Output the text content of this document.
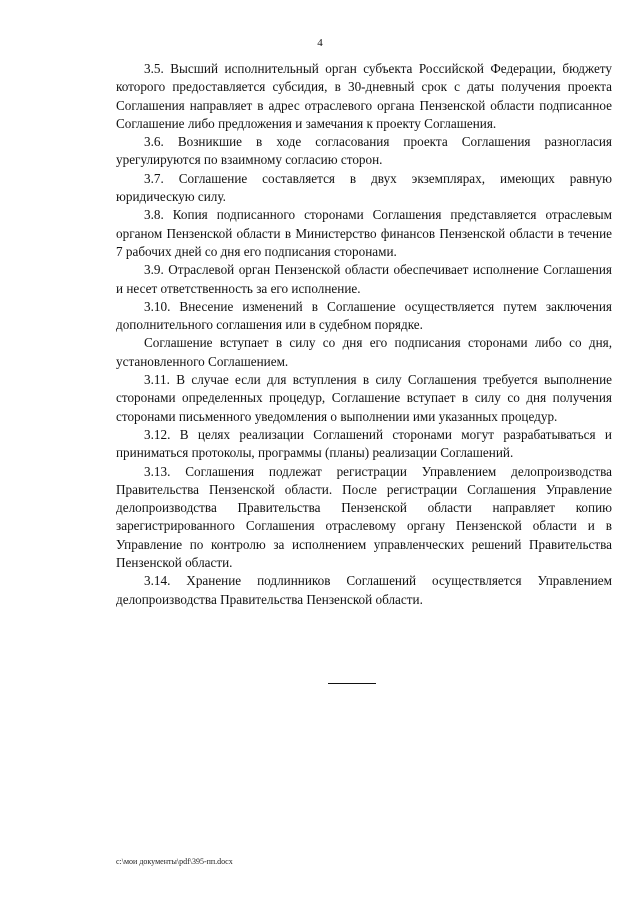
4

3.5. Высший исполнительный орган субъекта Российской Федерации, бюджету которого предоставляется субсидия, в 30-дневный срок с даты получения проекта Соглашения направляет в адрес отраслевого органа Пензенской области подписанное Соглашение либо предложения и замечания к проекту Соглашения.

3.6. Возникшие в ходе согласования проекта Соглашения разногласия урегулируются по взаимному согласию сторон.

3.7. Соглашение составляется в двух экземплярах, имеющих равную юридическую силу.

3.8. Копия подписанного сторонами Соглашения представляется отраслевым органом Пензенской области в Министерство финансов Пензенской области в течение 7 рабочих дней со дня его подписания сторонами.

3.9. Отраслевой орган Пензенской области обеспечивает исполнение Соглашения и несет ответственность за его исполнение.

3.10. Внесение изменений в Соглашение осуществляется путем заключения дополнительного соглашения или в судебном порядке.

Соглашение вступает в силу со дня его подписания сторонами либо со дня, установленного Соглашением.

3.11. В случае если для вступления в силу Соглашения требуется выполнение сторонами определенных процедур, Соглашение вступает в силу со дня получения сторонами письменного уведомления о выполнении ими указанных процедур.

3.12. В целях реализации Соглашений сторонами могут разрабатываться и приниматься протоколы, программы (планы) реализации Соглашений.

3.13. Соглашения подлежат регистрации Управлением делопроизводства Правительства Пензенской области. После регистрации Соглашения Управление делопроизводства Правительства Пензенской области направляет копию зарегистрированного Соглашения отраслевому органу Пензенской области и в Управление по контролю за исполнением управленческих решений Правительства Пензенской области.

3.14. Хранение подлинников Соглашений осуществляется Управлением делопроизводства Правительства Пензенской области.

c:\мои документы\pdf\395-пп.docx
